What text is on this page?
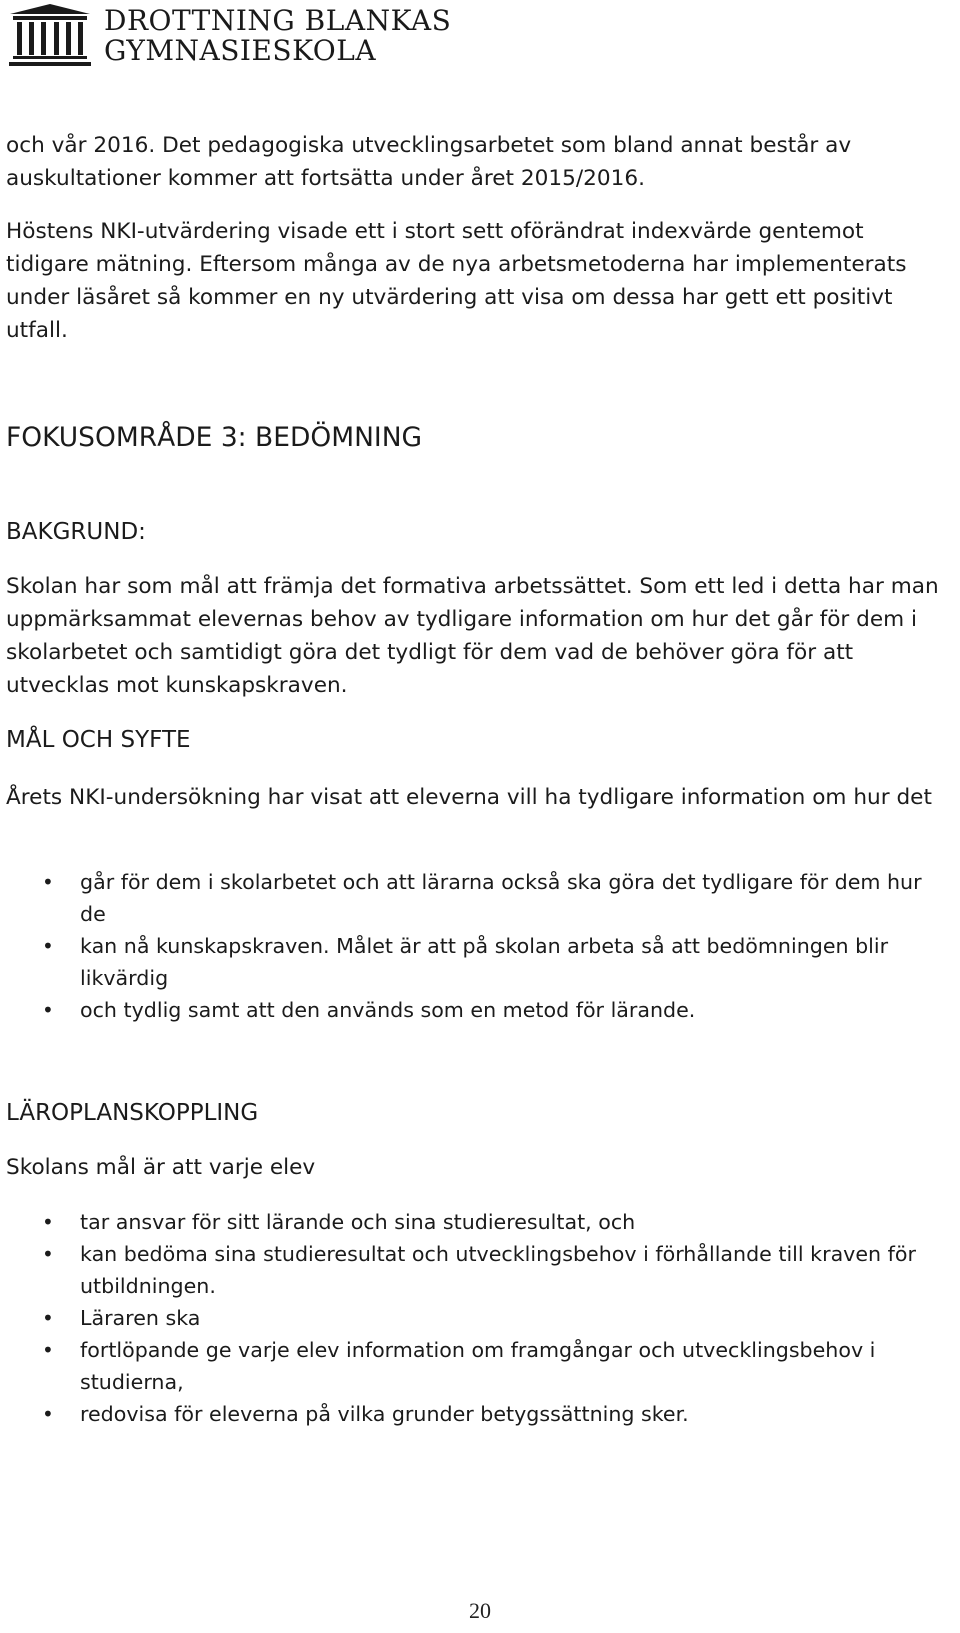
DROTTNING BLANKAS
GYMNASIESKOLA

och vår 2016. Det pedagogiska utvecklingsarbetet som bland annat består av auskultationer kommer att fortsätta under året 2015/2016.

Höstens NKI-utvärdering visade ett i stort sett oförändrat indexvärde gentemot tidigare mätning. Eftersom många av de nya arbetsmetoderna har implementerats under läsåret så kommer en ny utvärdering att visa om dessa har gett ett positivt utfall.

FOKUSOMRÅDE 3: BEDÖMNING
BAKGRUND:

Skolan har som mål att främja det formativa arbetssättet. Som ett led i detta har man uppmärksammat elevernas behov av tydligare information om hur det går för dem i skolarbetet och samtidigt göra det tydligt för dem vad de behöver göra för att utvecklas mot kunskapskraven.

MÅL OCH SYFTE

Årets NKI-undersökning har visat att eleverna vill ha tydligare information om hur det

• går för dem i skolarbetet och att lärarna också ska göra det tydligare för dem hur de
• kan nå kunskapskraven. Målet är att på skolan arbeta så att bedömningen blir likvärdig
• och tydlig samt att den används som en metod för lärande.
LÄROPLANSKOPPLING

Skolans mål är att varje elev

• tar ansvar för sitt lärande och sina studieresultat, och
• kan bedöma sina studieresultat och utvecklingsbehov i förhållande till kraven för utbildningen.
• Läraren ska
• fortlöpande ge varje elev information om framgångar och utvecklingsbehov i studierna,
• redovisa för eleverna på vilka grunder betygssättning sker.
20
